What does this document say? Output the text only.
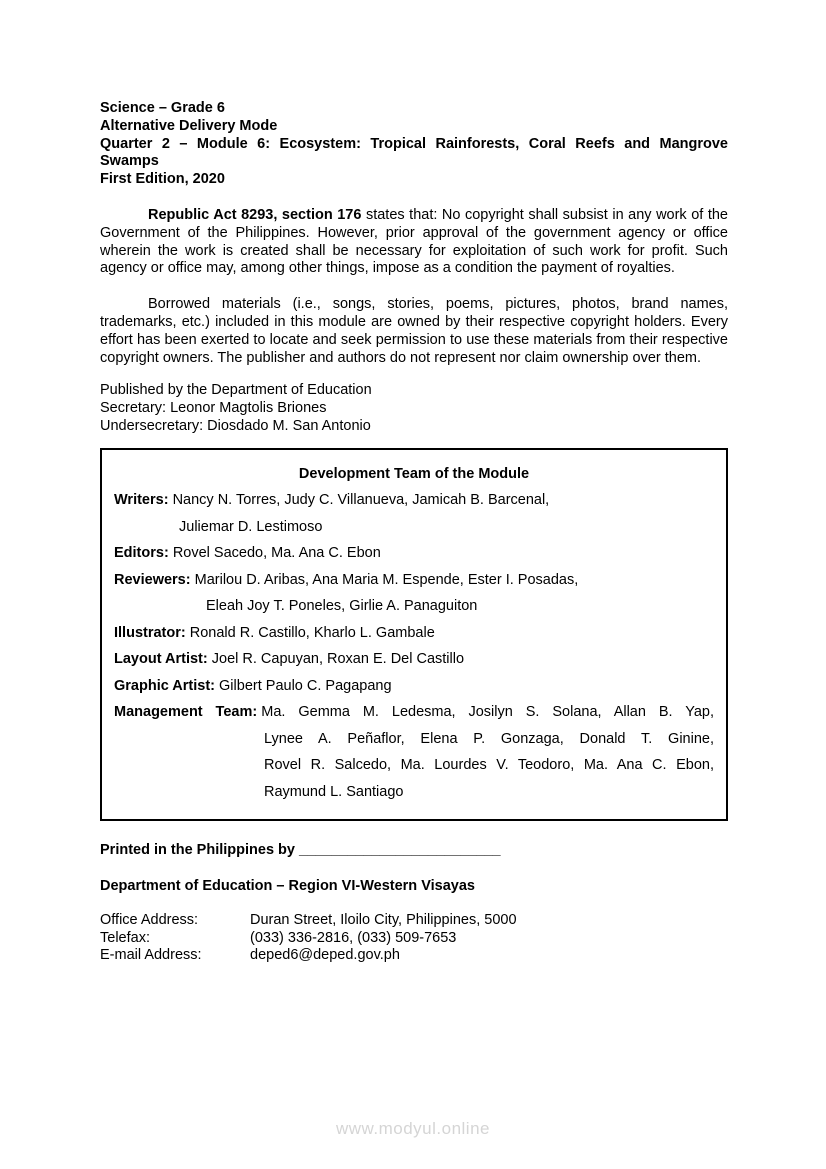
Science – Grade 6
Alternative Delivery Mode
Quarter 2 – Module 6: Ecosystem: Tropical Rainforests, Coral Reefs and Mangrove Swamps
First Edition, 2020
Republic Act 8293, section 176 states that: No copyright shall subsist in any work of the Government of the Philippines. However, prior approval of the government agency or office wherein the work is created shall be necessary for exploitation of such work for profit. Such agency or office may, among other things, impose as a condition the payment of royalties.
Borrowed materials (i.e., songs, stories, poems, pictures, photos, brand names, trademarks, etc.) included in this module are owned by their respective copyright holders. Every effort has been exerted to locate and seek permission to use these materials from their respective copyright owners. The publisher and authors do not represent nor claim ownership over them.
Published by the Department of Education
Secretary: Leonor Magtolis Briones
Undersecretary: Diosdado M. San Antonio
Development Team of the Module
Writers: Nancy N. Torres, Judy C. Villanueva, Jamicah B. Barcenal,
Juliemar D. Lestimoso
Editors: Rovel Sacedo, Ma. Ana C. Ebon
Reviewers: Marilou D. Aribas, Ana Maria M. Espende, Ester I. Posadas,
Eleah Joy T. Poneles, Girlie A. Panaguiton
Illustrator: Ronald R. Castillo, Kharlo L. Gambale
Layout Artist: Joel R. Capuyan, Roxan E. Del Castillo
Graphic Artist: Gilbert Paulo C. Pagapang
Management Team: Ma. Gemma M. Ledesma, Josilyn S. Solana, Allan B. Yap,
Lynee A. Peñaflor, Elena P. Gonzaga, Donald T. Ginine,
Rovel R. Salcedo, Ma. Lourdes V. Teodoro, Ma. Ana C. Ebon,
Raymund L. Santiago
Printed in the Philippines by _________________________
Department of Education – Region VI-Western Visayas
Office Address:	Duran Street, Iloilo City, Philippines, 5000
Telefax:	(033) 336-2816, (033) 509-7653
E-mail Address:	deped6@deped.gov.ph
www.modyul.online
